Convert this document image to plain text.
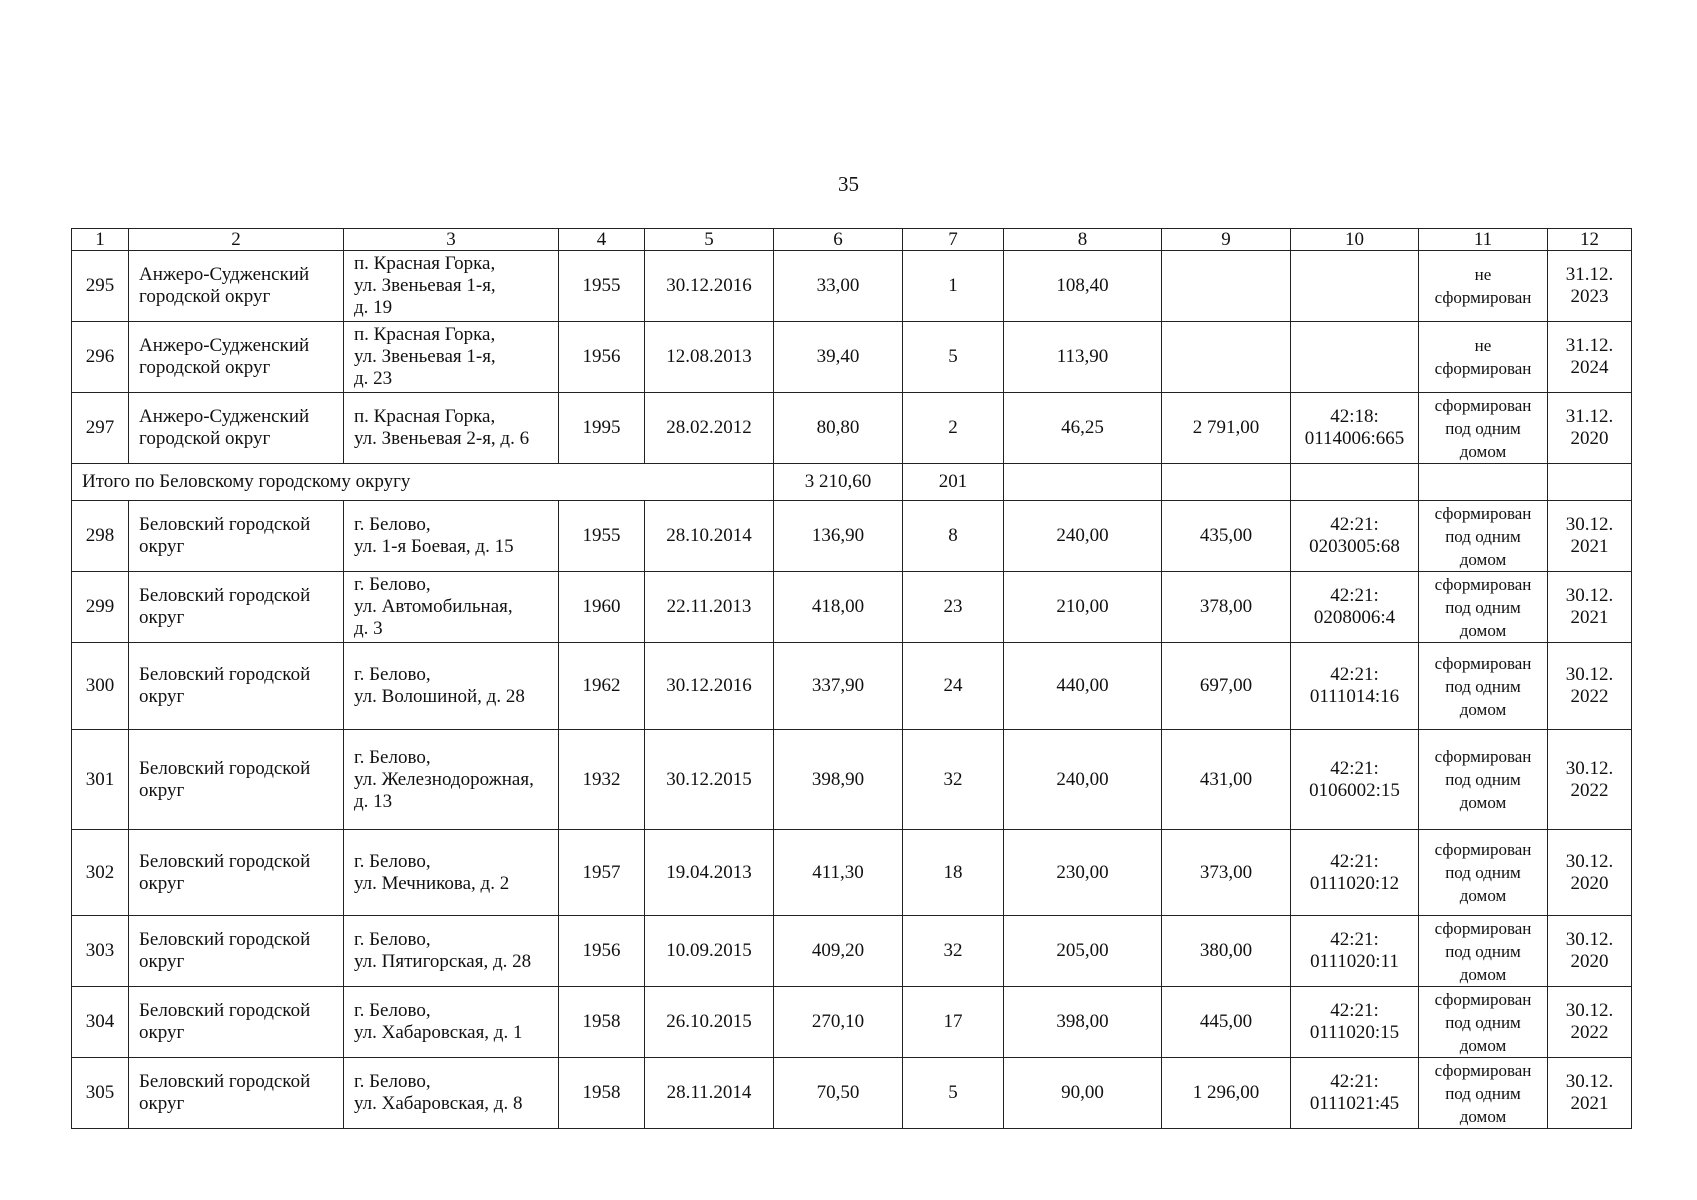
35
1	2	3	4	5	6	7	8	9	10	11	12
295	Анжеро-Судженский
городской округ	п. Красная Горка,
ул. Звеньевая 1-я,
д. 19	1955	30.12.2016	33,00	1	108,40			не
сформирован	31.12.
2023
296	Анжеро-Судженский
городской округ	п. Красная Горка,
ул. Звеньевая 1-я,
д. 23	1956	12.08.2013	39,40	5	113,90			не
сформирован	31.12.
2024
297	Анжеро-Судженский
городской округ	п. Красная Горка,
ул. Звеньевая 2-я, д. 6	1995	28.02.2012	80,80	2	46,25	2 791,00	42:18:
0114006:665	сформирован
под одним
домом	31.12.
2020
Итого по Беловскому городскому округу					3 210,60	201					
298	Беловский городской
округ	г. Белово,
ул. 1-я Боевая, д. 15	1955	28.10.2014	136,90	8	240,00	435,00	42:21:
0203005:68	сформирован
под одним
домом	30.12.
2021
299	Беловский городской
округ	г. Белово,
ул. Автомобильная,
д. 3	1960	22.11.2013	418,00	23	210,00	378,00	42:21:
0208006:4	сформирован
под одним
домом	30.12.
2021
300	Беловский городской
округ	г. Белово,
ул. Волошиной, д. 28	1962	30.12.2016	337,90	24	440,00	697,00	42:21:
0111014:16	сформирован
под одним
домом	30.12.
2022
301	Беловский городской
округ	г. Белово,
ул. Железнодорожная,
д. 13	1932	30.12.2015	398,90	32	240,00	431,00	42:21:
0106002:15	сформирован
под одним
домом	30.12.
2022
302	Беловский городской
округ	г. Белово,
ул. Мечникова, д. 2	1957	19.04.2013	411,30	18	230,00	373,00	42:21:
0111020:12	сформирован
под одним
домом	30.12.
2020
303	Беловский городской
округ	г. Белово,
ул. Пятигорская, д. 28	1956	10.09.2015	409,20	32	205,00	380,00	42:21:
0111020:11	сформирован
под одним
домом	30.12.
2020
304	Беловский городской
округ	г. Белово,
ул. Хабаровская, д. 1	1958	26.10.2015	270,10	17	398,00	445,00	42:21:
0111020:15	сформирован
под одним
домом	30.12.
2022
305	Беловский городской
округ	г. Белово,
ул. Хабаровская, д. 8	1958	28.11.2014	70,50	5	90,00	1 296,00	42:21:
0111021:45	сформирован
под одним
домом	30.12.
2021
